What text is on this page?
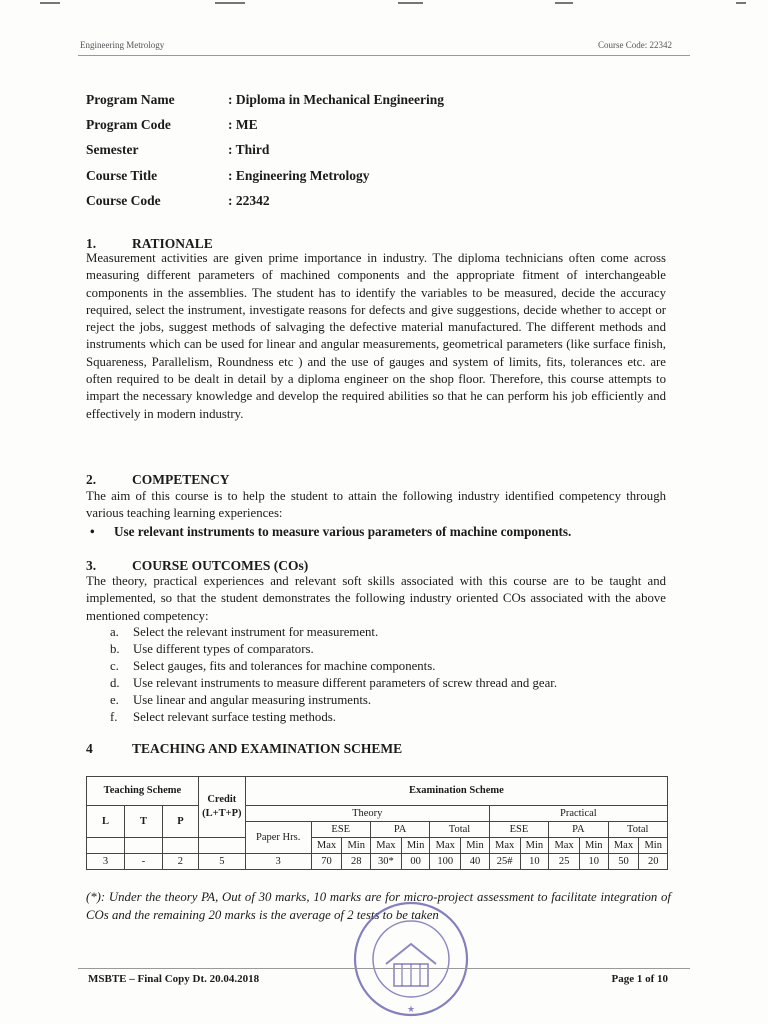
Engineering Metrology	Course Code: 22342
Program Name	: Diploma in Mechanical Engineering
Program Code	: ME
Semester	: Third
Course Title	: Engineering Metrology
Course Code	: 22342
1.	RATIONALE
Measurement activities are given prime importance in industry. The diploma technicians often come across measuring different parameters of machined components and the appropriate fitment of interchangeable components in the assemblies. The student has to identify the variables to be measured, decide the accuracy required, select the instrument, investigate reasons for defects and give suggestions, decide whether to accept or reject the jobs, suggest methods of salvaging the defective material manufactured. The different methods and instruments which can be used for linear and angular measurements, geometrical parameters (like surface finish, Squareness, Parallelism, Roundness etc ) and the use of gauges and system of limits, fits, tolerances etc. are often required to be dealt in detail by a diploma engineer on the shop floor. Therefore, this course attempts to impart the necessary knowledge and develop the required abilities so that he can perform his job efficiently and effectively in modern industry.
2.	COMPETENCY
The aim of this course is to help the student to attain the following industry identified competency through various teaching learning experiences:
•	Use relevant instruments to measure various parameters of machine components.
3.	COURSE OUTCOMES (COs)
The theory, practical experiences and relevant soft skills associated with this course are to be taught and implemented, so that the student demonstrates the following industry oriented COs associated with the above mentioned competency:
a.	Select the relevant instrument for measurement.
b.	Use different types of comparators.
c.	Select gauges, fits and tolerances for machine components.
d.	Use relevant instruments to measure different parameters of screw thread and gear.
e.	Use linear and angular measuring instruments.
f.	Select relevant surface testing methods.
4	TEACHING AND EXAMINATION SCHEME
Teaching Scheme			Credit (L+T+P)	Examination Scheme												

L	T	P		Theory							Practical					
				Paper Hrs.	ESE		PA		Total		ESE		PA		Total	
					Max	Min	Max	Min	Max	Min	Max	Min	Max	Min	Max	Min
3	-	2	5	3	70	28	30*	00	100	40	25#	10	25	10	50	20
(*): Under the theory PA, Out of 30 marks, 10 marks are for micro-project assessment to facilitate integration of COs and the remaining 20 marks is the average of 2 tests to be taken
★
MSBTE – Final Copy Dt. 20.04.2018	Page 1 of 10
